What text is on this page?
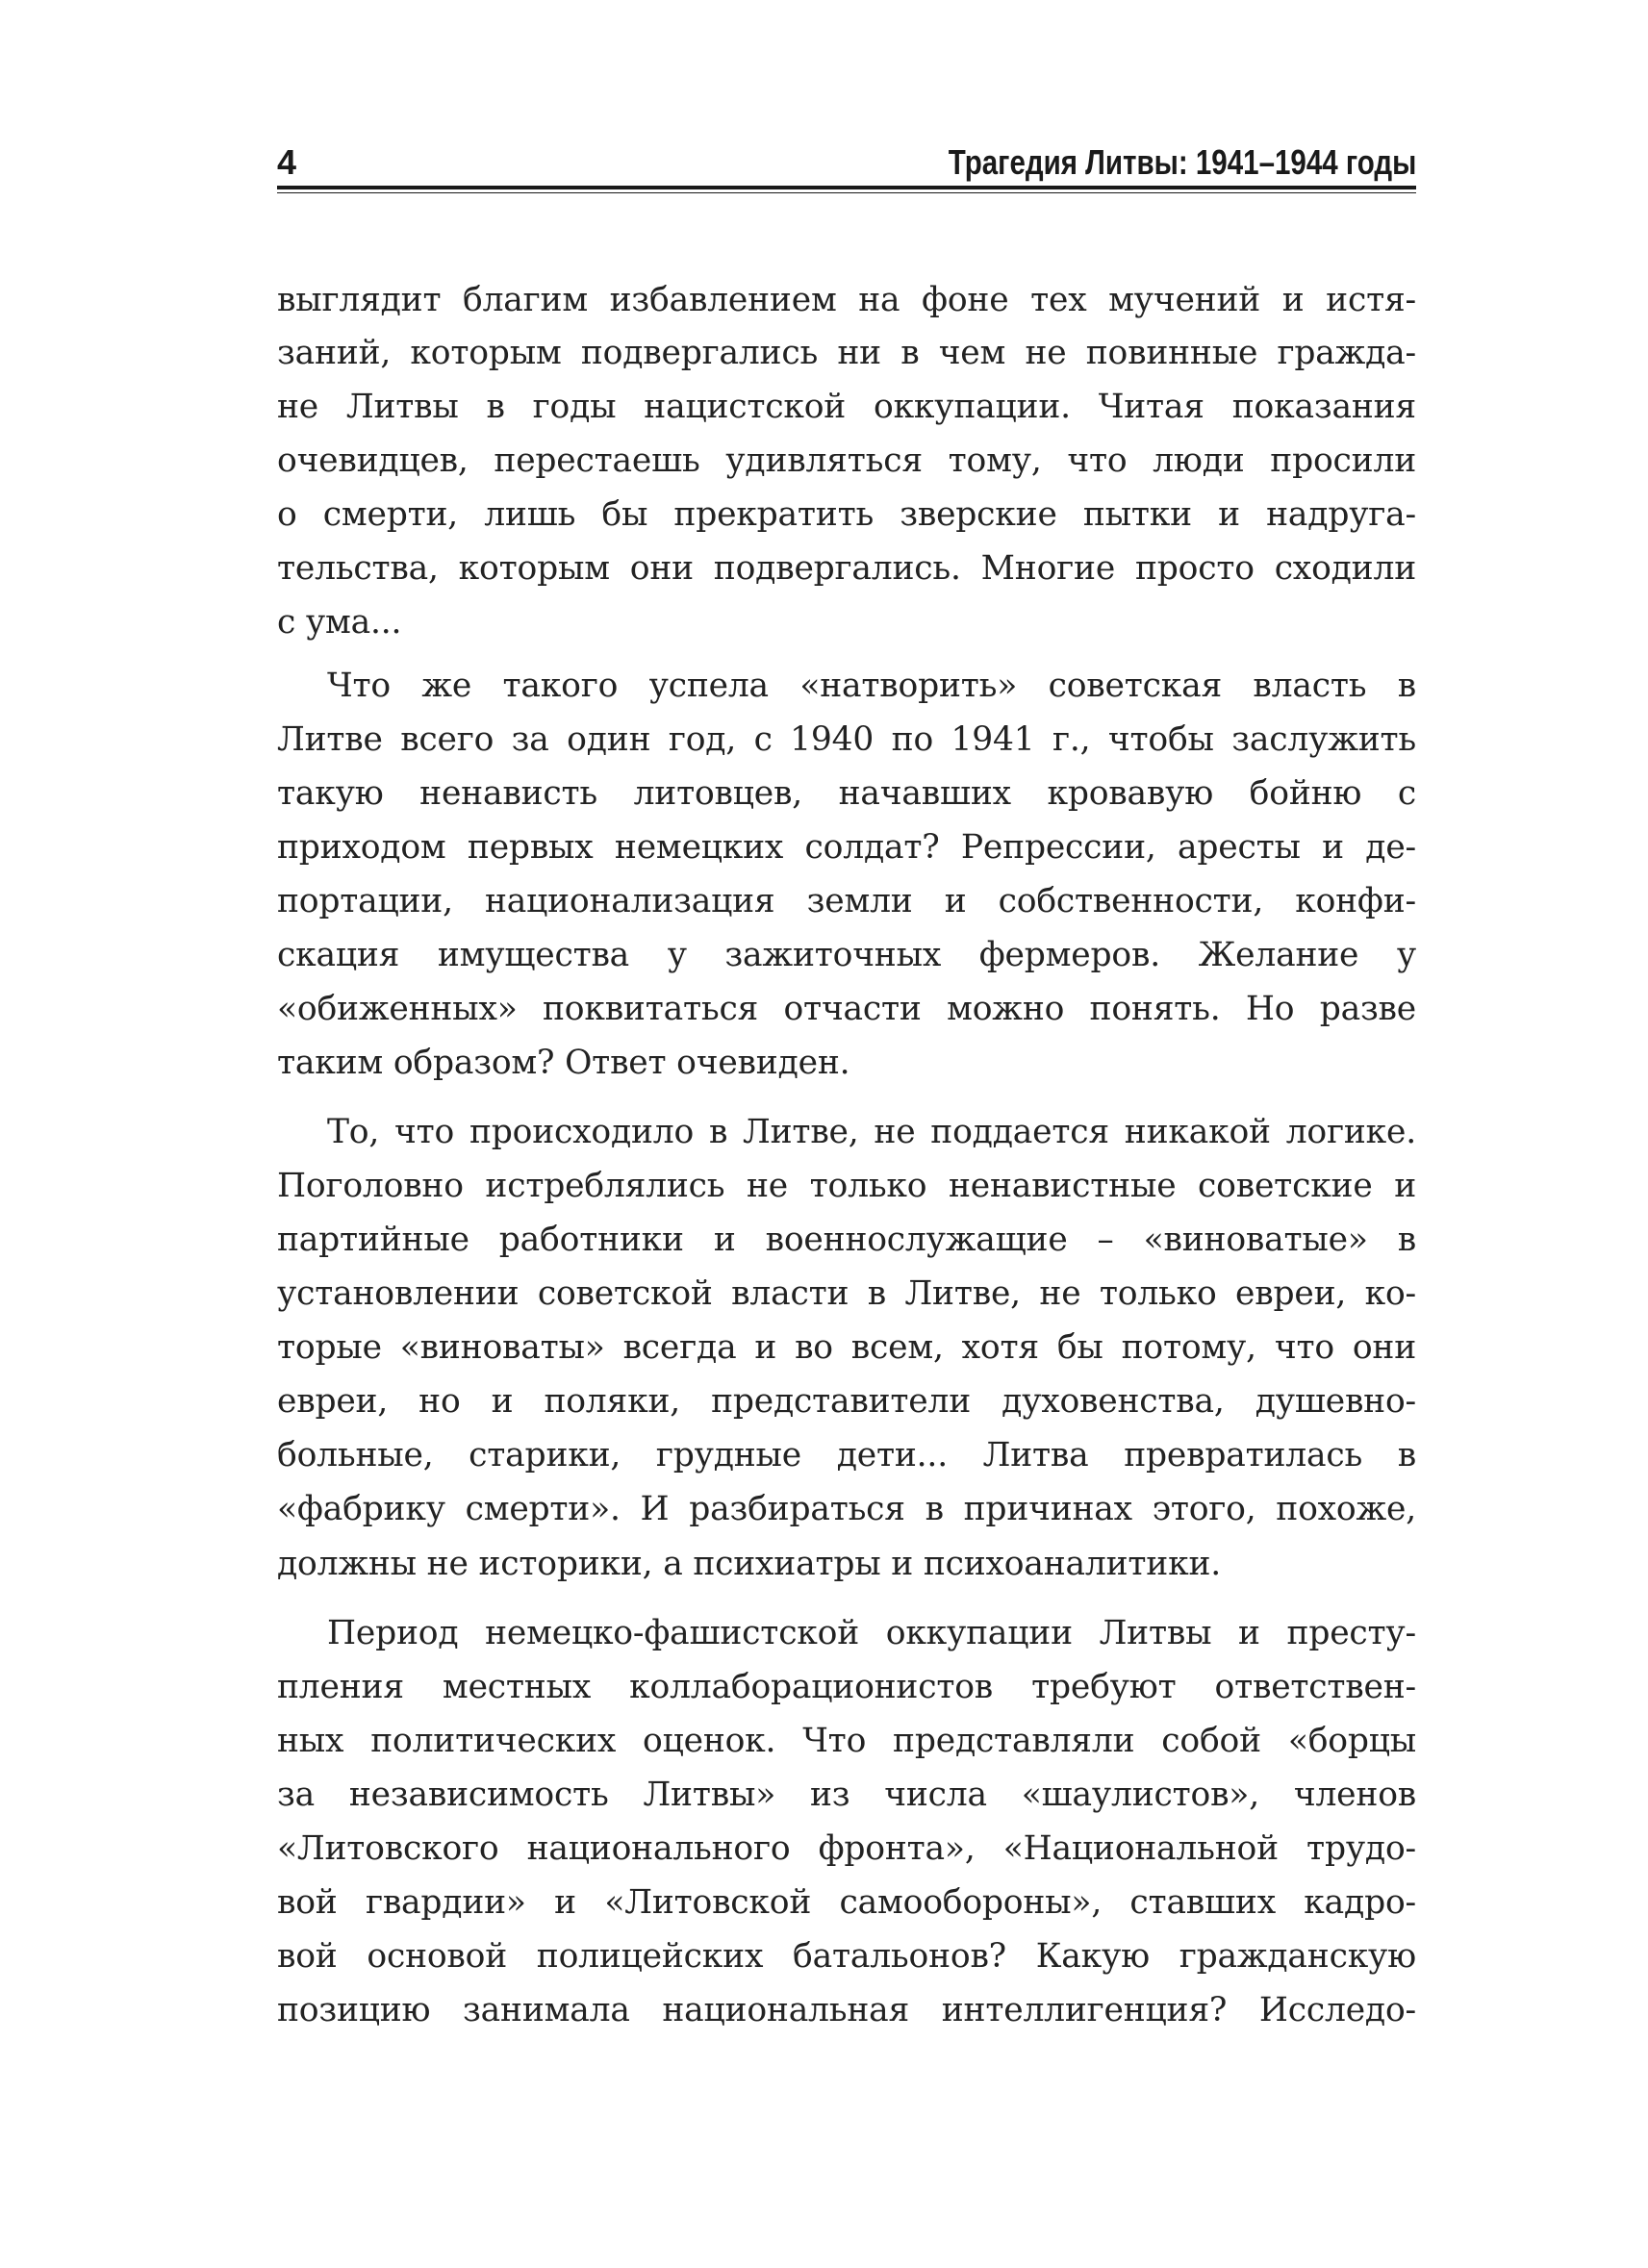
4	Трагедия Литвы: 1941–1944 годы
выглядит благим избавлением на фоне тех мучений и истя-
заний, которым подвергались ни в чем не повинные гражда-
не Литвы в годы нацистской оккупации. Читая показания
очевидцев, перестаешь удивляться тому, что люди просили
о смерти, лишь бы прекратить зверские пытки и надруга-
тельства, которым они подвергались. Многие просто сходили
с ума...
Что же такого успела «натворить» советская власть в
Литве всего за один год, с 1940 по 1941 г., чтобы заслужить
такую ненависть литовцев, начавших кровавую бойню с
приходом первых немецких солдат? Репрессии, аресты и де-
портации, национализация земли и собственности, конфи-
скация имущества у зажиточных фермеров. Желание у
«обиженных» поквитаться отчасти можно понять. Но разве
таким образом? Ответ очевиден.
То, что происходило в Литве, не поддается никакой логике.
Поголовно истреблялись не только ненавистные советские и
партийные работники и военнослужащие – «виноватые» в
установлении советской власти в Литве, не только евреи, ко-
торые «виноваты» всегда и во всем, хотя бы потому, что они
евреи, но и поляки, представители духовенства, душевно-
больные, старики, грудные дети... Литва превратилась в
«фабрику смерти». И разбираться в причинах этого, похоже,
должны не историки, а психиатры и психоаналитики.
Период немецко-фашистской оккупации Литвы и престу-
пления местных коллаборационистов требуют ответствен-
ных политических оценок. Что представляли собой «борцы
за независимость Литвы» из числа «шаулистов», членов
«Литовского национального фронта», «Национальной трудо-
вой гвардии» и «Литовской самообороны», ставших кадро-
вой основой полицейских батальонов? Какую гражданскую
позицию занимала национальная интеллигенция? Исследо-
